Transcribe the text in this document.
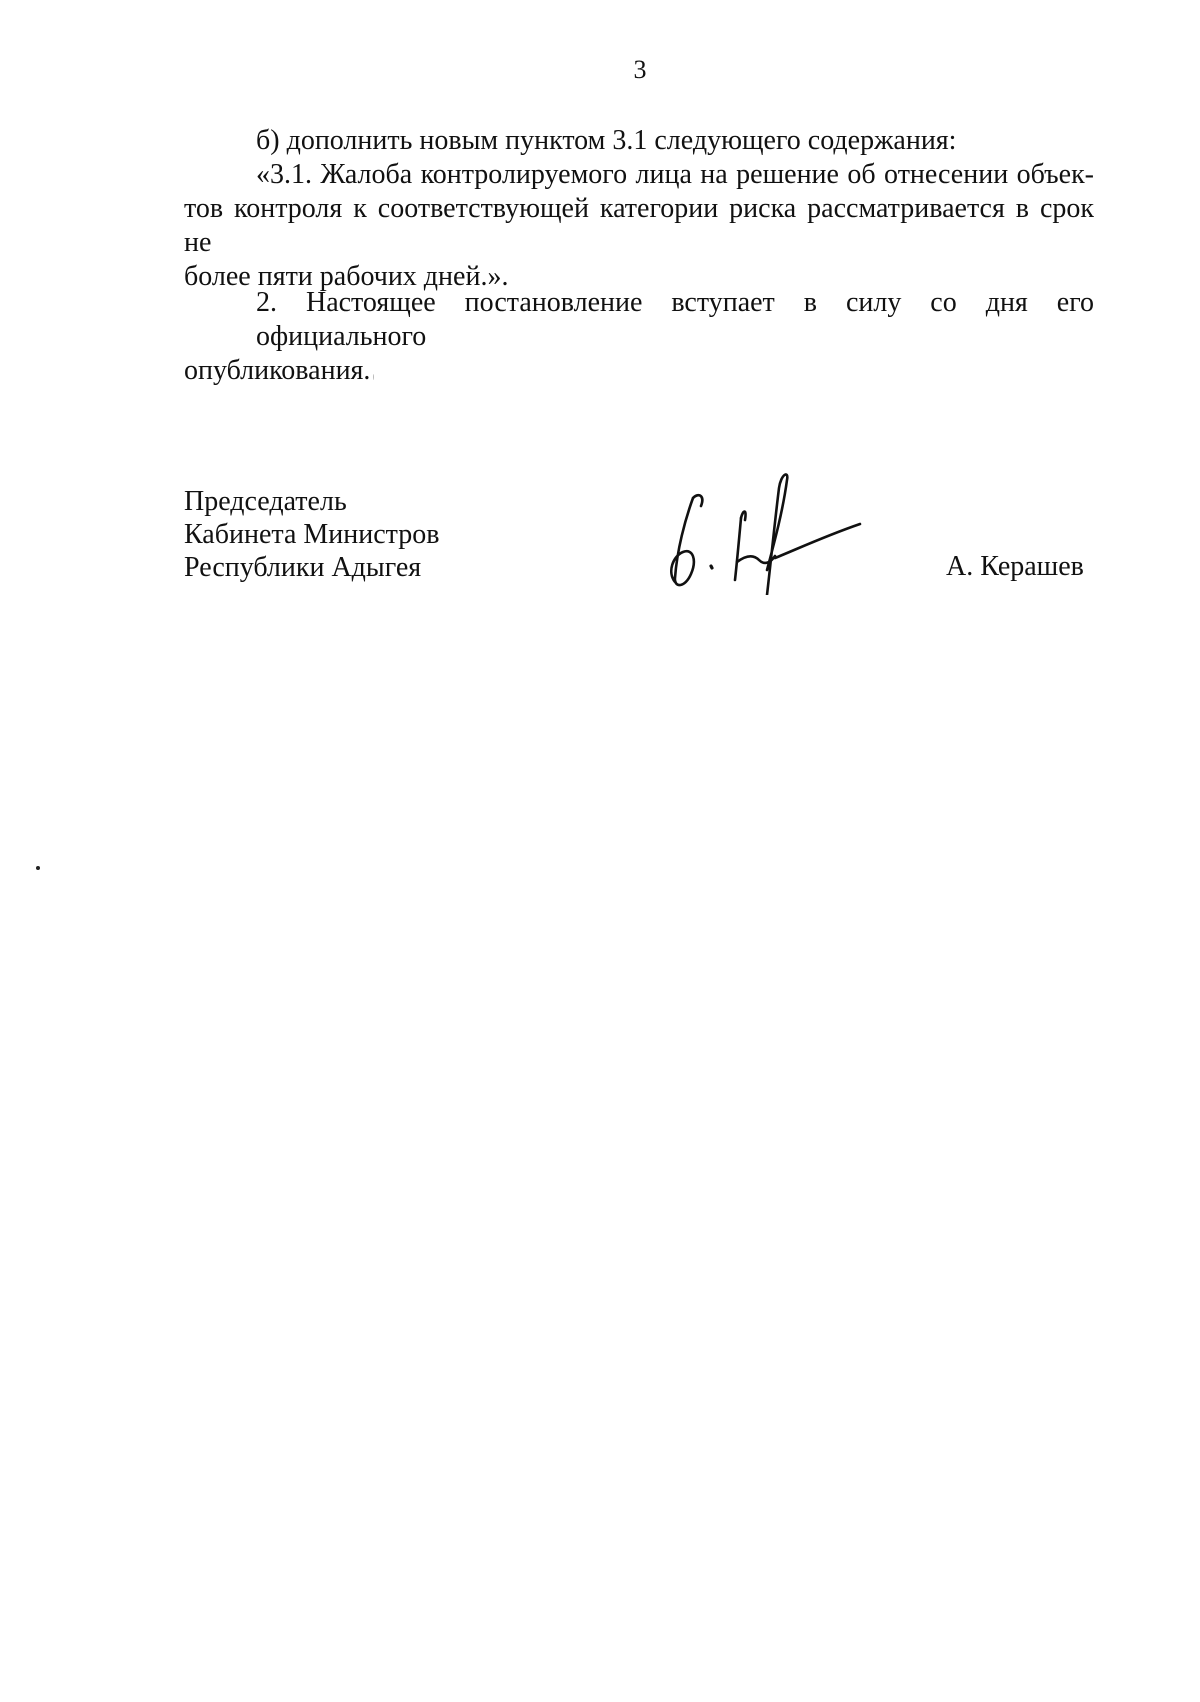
3
б) дополнить новым пунктом 3.1 следующего содержания:
«3.1. Жалоба контролируемого лица на решение об отнесении объек-
тов контроля к соответствующей категории риска рассматривается в срок не
более пяти рабочих дней.».
2. Настоящее постановление вступает в силу со дня его официального
опубликования.
Председатель
Кабинета Министров
Республики Адыгея	А. Керашев
